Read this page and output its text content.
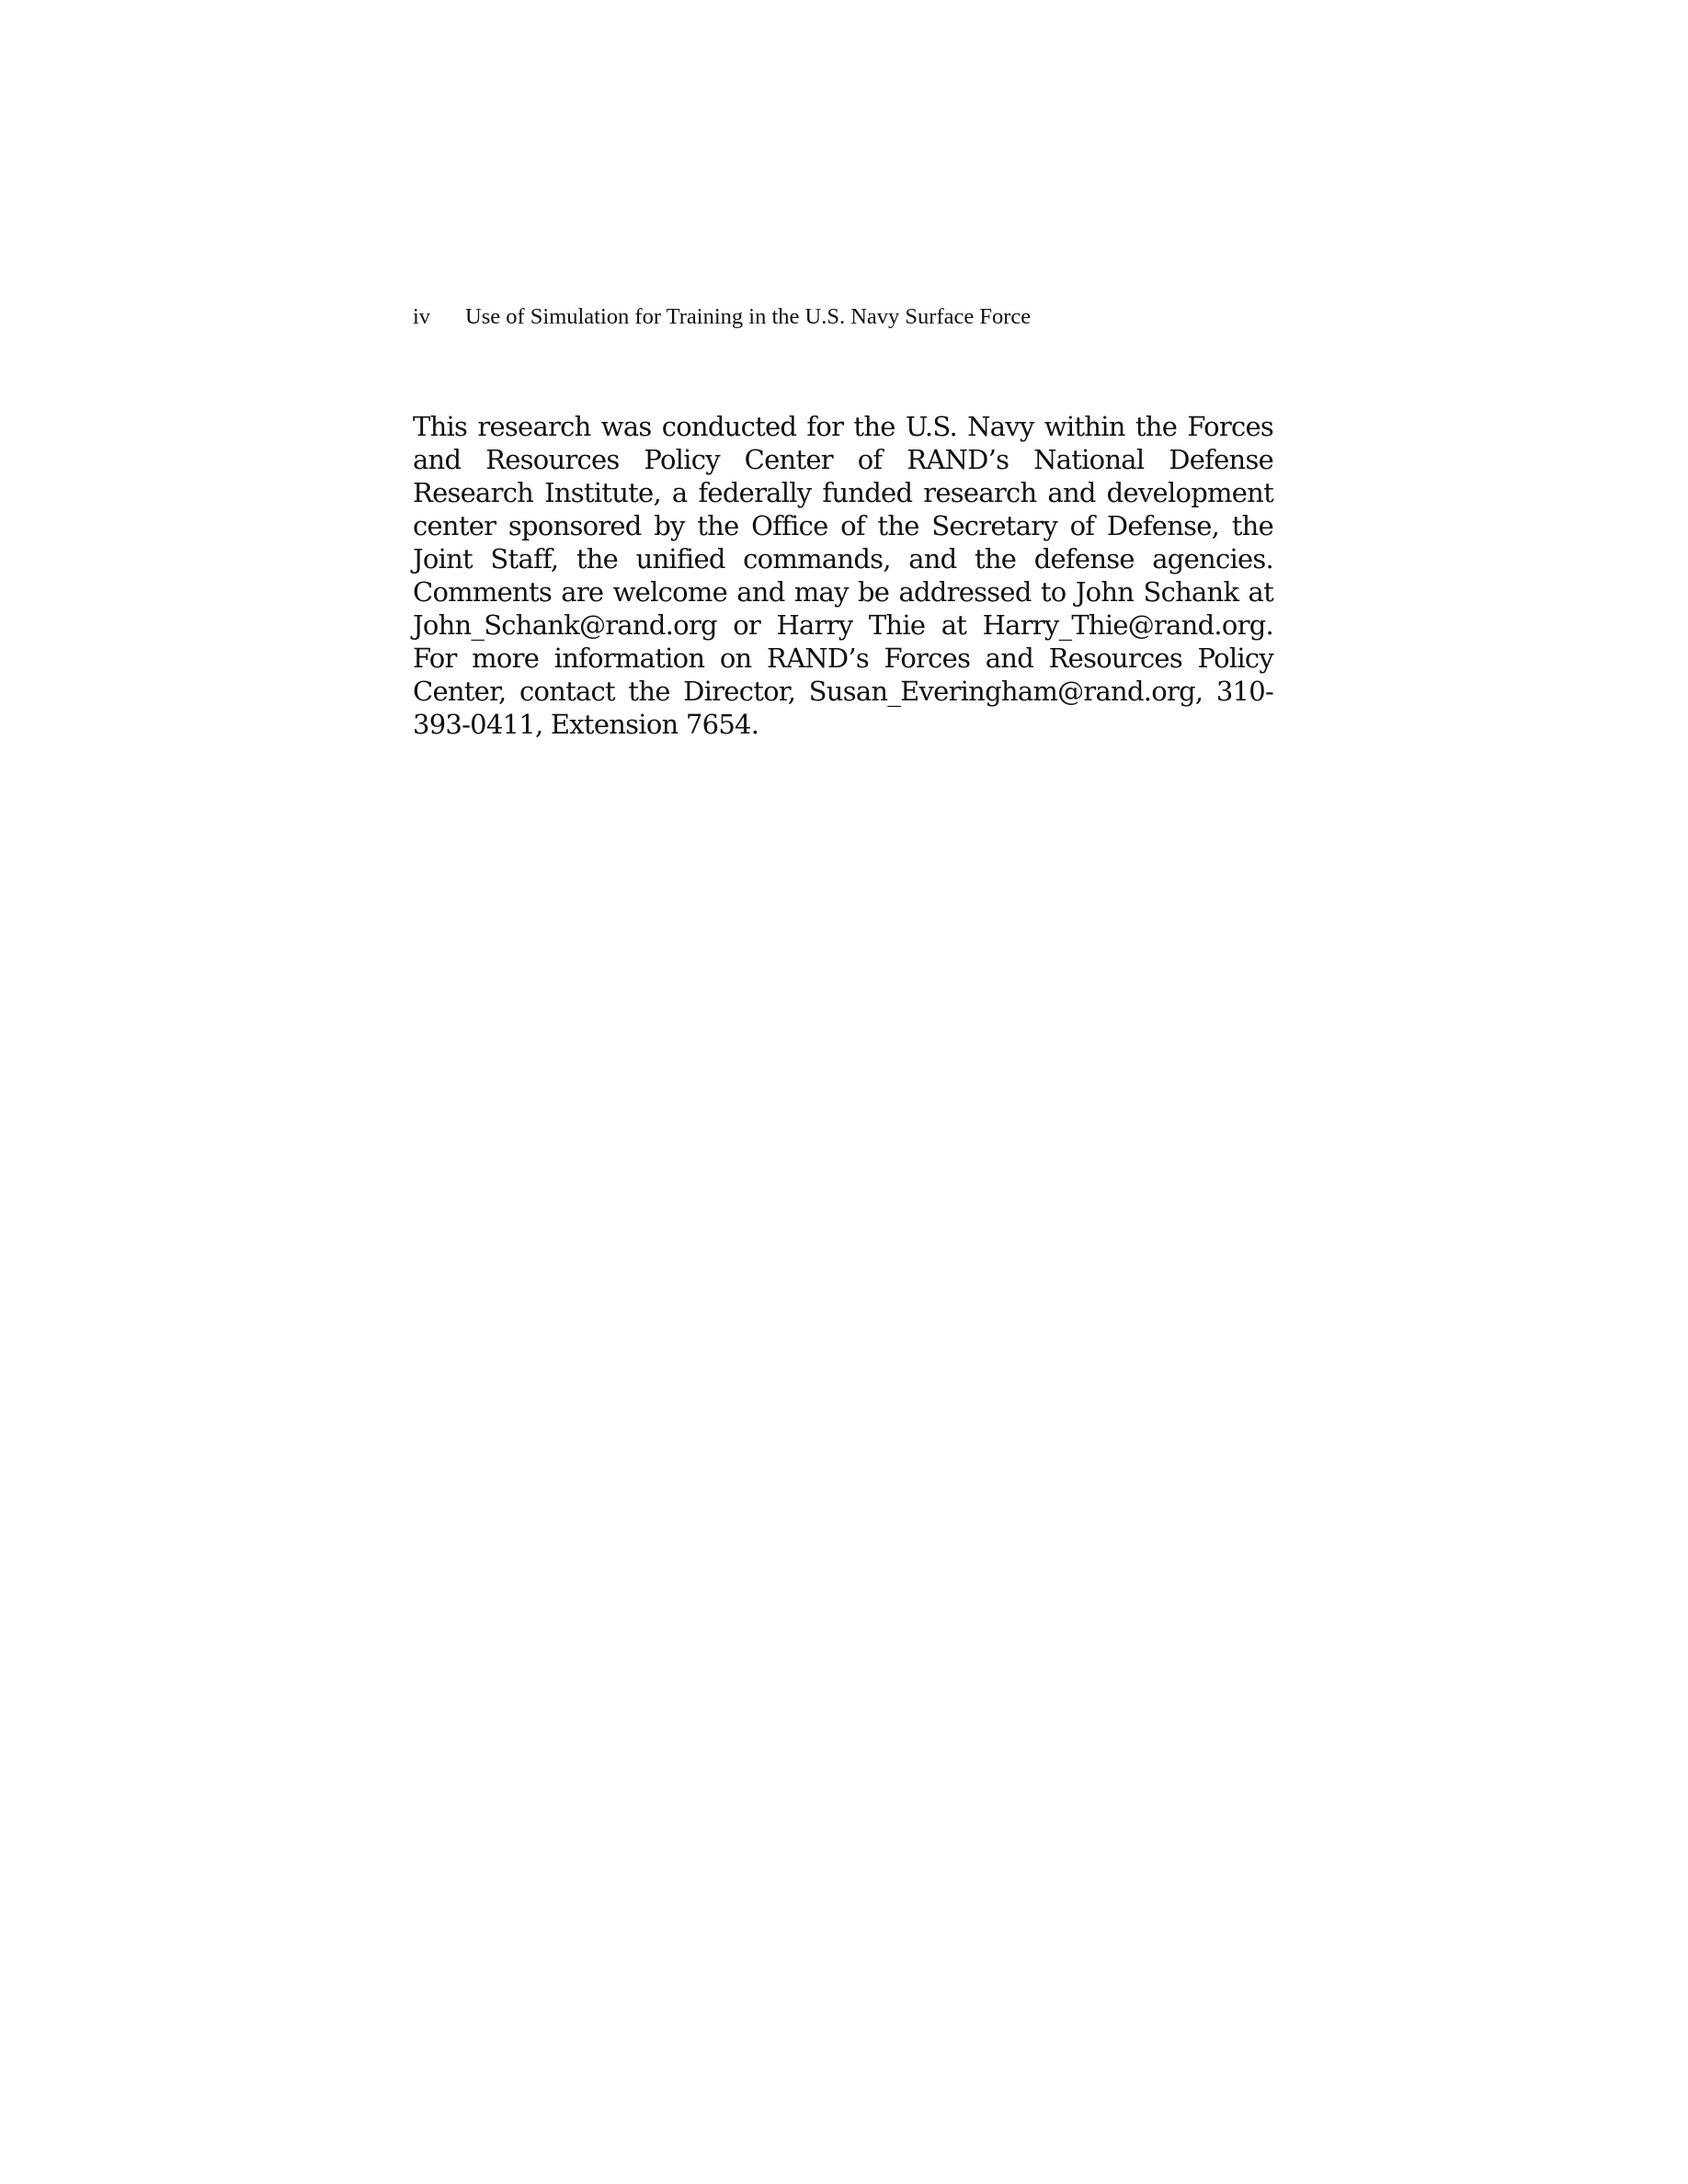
iv Use of Simulation for Training in the U.S. Navy Surface Force

This research was conducted for the U.S. Navy within the Forces and Resources Policy Center of RAND’s National Defense Research Institute, a federally funded research and development center sponsored by the Office of the Secretary of Defense, the Joint Staff, the unified commands, and the defense agencies. Comments are welcome and may be addressed to John Schank at John_Schank@rand.org or Harry Thie at Harry_Thie@rand.org. For more information on RAND’s Forces and Resources Policy Center, contact the Director, Susan_Everingham@rand.org, 310-393-0411, Extension 7654.
